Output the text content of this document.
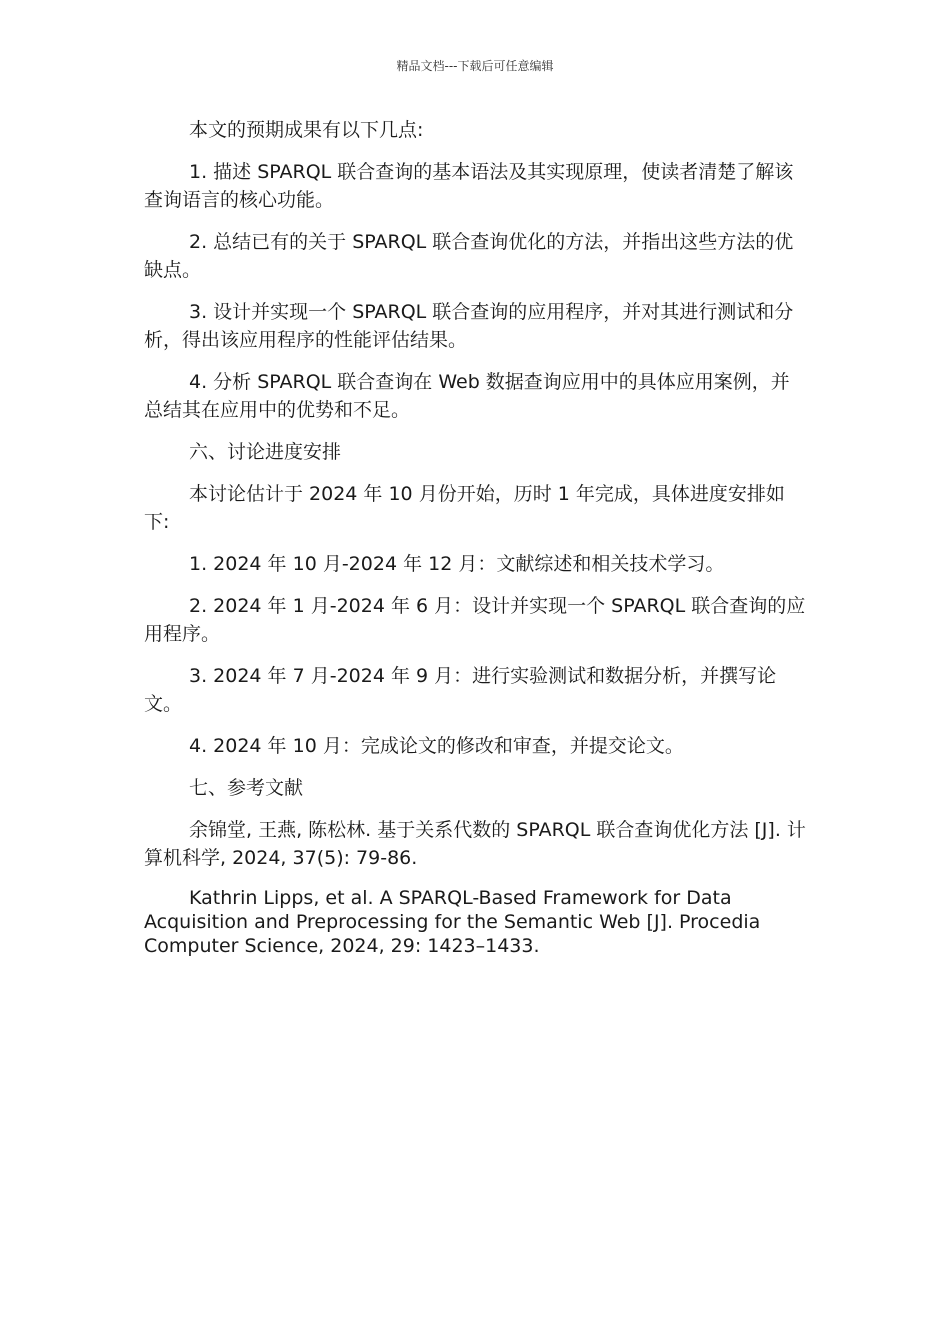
精品文档---下载后可任意编辑

本文的预期成果有以下几点:

1. 描述 SPARQL 联合查询的基本语法及其实现原理，使读者清楚了解该查询语言的核心功能。

2. 总结已有的关于 SPARQL 联合查询优化的方法，并指出这些方法的优缺点。

3. 设计并实现一个 SPARQL 联合查询的应用程序，并对其进行测试和分析，得出该应用程序的性能评估结果。

4. 分析 SPARQL 联合查询在 Web 数据查询应用中的具体应用案例，并总结其在应用中的优势和不足。

六、讨论进度安排

本讨论估计于 2024 年 10 月份开始，历时 1 年完成，具体进度安排如下:

1. 2024 年 10 月-2024 年 12 月：文献综述和相关技术学习。

2. 2024 年 1 月-2024 年 6 月：设计并实现一个 SPARQL 联合查询的应用程序。

3. 2024 年 7 月-2024 年 9 月：进行实验测试和数据分析，并撰写论文。

4. 2024 年 10 月：完成论文的修改和审查，并提交论文。

七、参考文献

余锦堂, 王燕, 陈松林. 基于关系代数的 SPARQL 联合查询优化方法 [J]. 计算机科学, 2024, 37(5): 79-86.

Kathrin Lipps, et al. A SPARQL-Based Framework for Data Acquisition and Preprocessing for the Semantic Web [J]. Procedia Computer Science, 2024, 29: 1423–1433.
